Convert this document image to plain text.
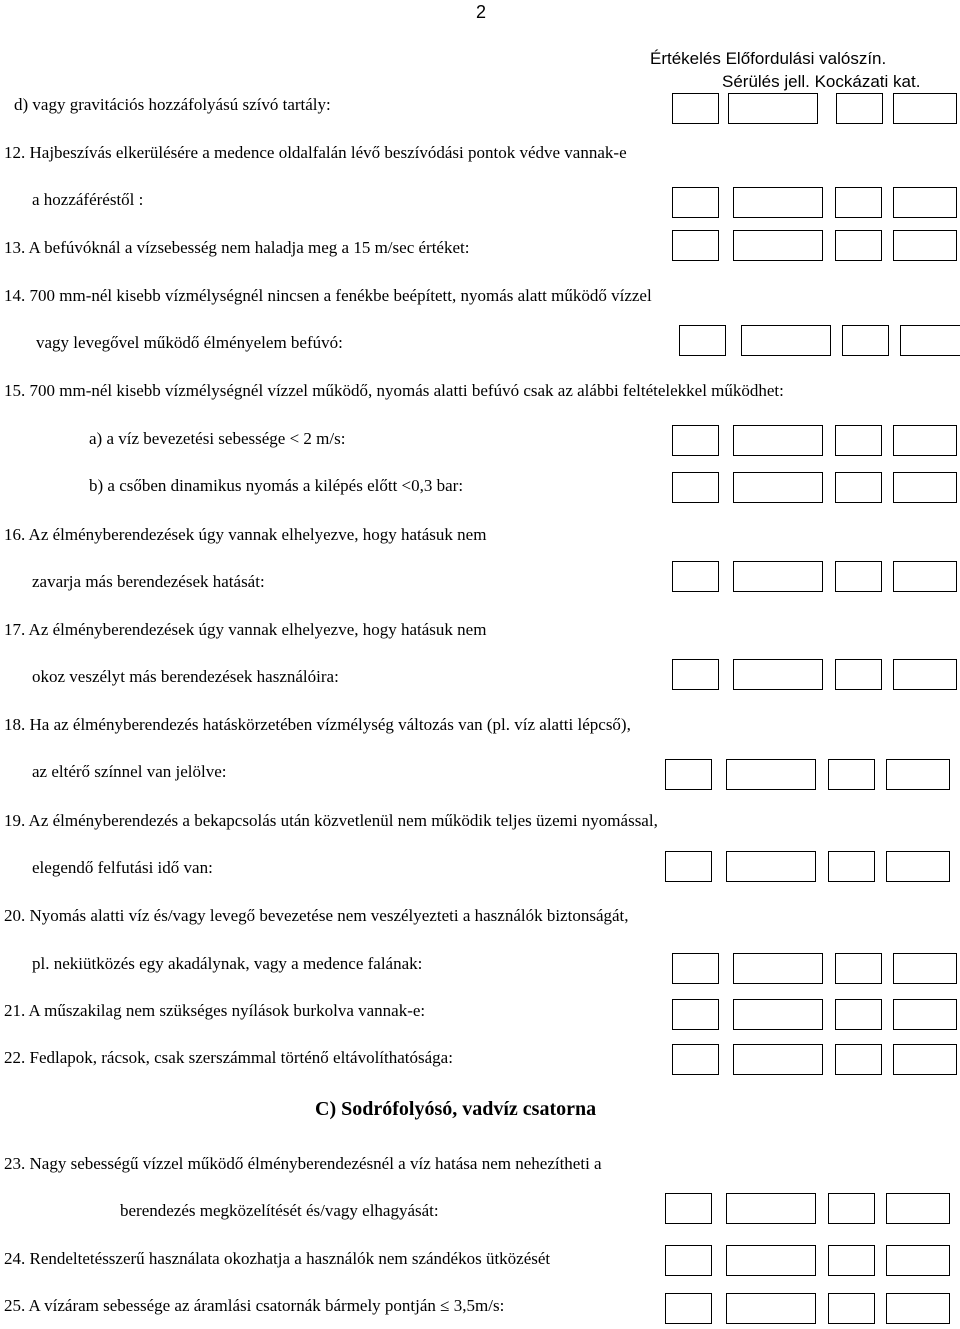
2
Értékelés Előfordulási valószín.
Sérülés jell. Kockázati kat.
d) vagy gravitációs hozzáfolyású szívó tartály:
12. Hajbeszívás elkerülésére a medence oldalfalán lévő beszívódási pontok védve vannak-e
a hozzáféréstől :
13. A befúvóknál a vízsebesség nem haladja meg a 15 m/sec értéket:
14. 700 mm-nél kisebb vízmélységnél nincsen a fenékbe beépített, nyomás alatt működő vízzel
vagy levegővel működő élményelem befúvó:
15. 700 mm-nél kisebb vízmélységnél vízzel működő, nyomás alatti befúvó csak az alábbi feltételekkel működhet:
a) a víz bevezetési sebessége < 2 m/s:
b) a csőben dinamikus nyomás a kilépés előtt <0,3 bar:
16. Az élményberendezések úgy vannak elhelyezve, hogy hatásuk nem
zavarja más berendezések hatását:
17. Az élményberendezések úgy vannak elhelyezve, hogy hatásuk nem
okoz veszélyt más berendezések használóira:
18. Ha az élményberendezés hatáskörzetében vízmélység változás van (pl. víz alatti lépcső),
az eltérő színnel van jelölve:
19. Az élményberendezés a bekapcsolás után közvetlenül nem működik teljes üzemi nyomással,
elegendő felfutási idő van:
20. Nyomás alatti víz és/vagy levegő bevezetése nem veszélyezteti a használók biztonságát,
pl. nekiütközés egy akadálynak, vagy a medence falának:
21. A műszakilag nem szükséges nyílások burkolva vannak-e:
22. Fedlapok, rácsok, csak szerszámmal történő eltávolíthatósága:
C) Sodrófolyósó, vadvíz csatorna
23. Nagy sebességű vízzel működő élményberendezésnél a víz hatása nem nehezítheti a
berendezés megközelítését és/vagy elhagyását:
24. Rendeltetésszerű használata okozhatja a használók nem szándékos ütközését
25. A vízáram sebessége az áramlási csatornák bármely pontján ≤ 3,5m/s:
